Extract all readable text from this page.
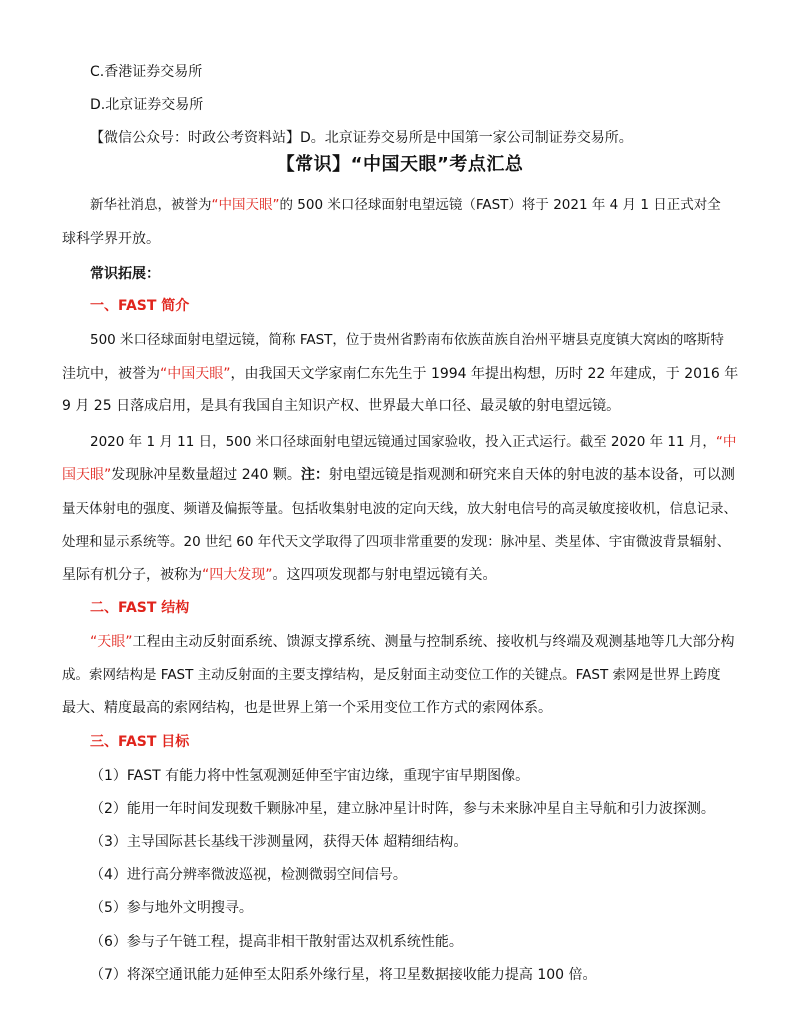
C.香港证券交易所
D.北京证券交易所
【微信公众号：时政公考资料站】D。北京证券交易所是中国第一家公司制证券交易所。
【常识】“中国天眼”考点汇总
新华社消息，被誉为“中国天眼”的 500 米口径球面射电望远镜（FAST）将于 2021 年 4 月 1 日正式对全
球科学界开放。
常识拓展：
一、FAST 简介
500 米口径球面射电望远镜，简称 FAST，位于贵州省黔南布依族苗族自治州平塘县克度镇大窝凼的喀斯特
洼坑中，被誉为“中国天眼”，由我国天文学家南仁东先生于 1994 年提出构想，历时 22 年建成，于 2016 年
9 月 25 日落成启用，是具有我国自主知识产权、世界最大单口径、最灵敏的射电望远镜。
2020 年 1 月 11 日，500 米口径球面射电望远镜通过国家验收，投入正式运行。截至 2020 年 11 月，“中
国天眼”发现脉冲星数量超过 240 颗。注：射电望远镜是指观测和研究来自天体的射电波的基本设备，可以测
量天体射电的强度、频谱及偏振等量。包括收集射电波的定向天线，放大射电信号的高灵敏度接收机，信息记录、
处理和显示系统等。20 世纪 60 年代天文学取得了四项非常重要的发现：脉冲星、类星体、宇宙微波背景辐射、
星际有机分子，被称为“四大发现”。这四项发现都与射电望远镜有关。
二、FAST 结构
“天眼”工程由主动反射面系统、馈源支撑系统、测量与控制系统、接收机与终端及观测基地等几大部分构
成。索网结构是 FAST 主动反射面的主要支撑结构，是反射面主动变位工作的关键点。FAST 索网是世界上跨度
最大、精度最高的索网结构，也是世界上第一个采用变位工作方式的索网体系。
三、FAST 目标
（1）FAST 有能力将中性氢观测延伸至宇宙边缘，重现宇宙早期图像。
（2）能用一年时间发现数千颗脉冲星，建立脉冲星计时阵，参与未来脉冲星自主导航和引力波探测。
（3）主导国际甚长基线干涉测量网，获得天体 超精细结构。
（4）进行高分辨率微波巡视，检测微弱空间信号。
（5）参与地外文明搜寻。
（6）参与子午链工程，提高非相干散射雷达双机系统性能。
（7）将深空通讯能力延伸至太阳系外缘行星，将卫星数据接收能力提高 100 倍。
